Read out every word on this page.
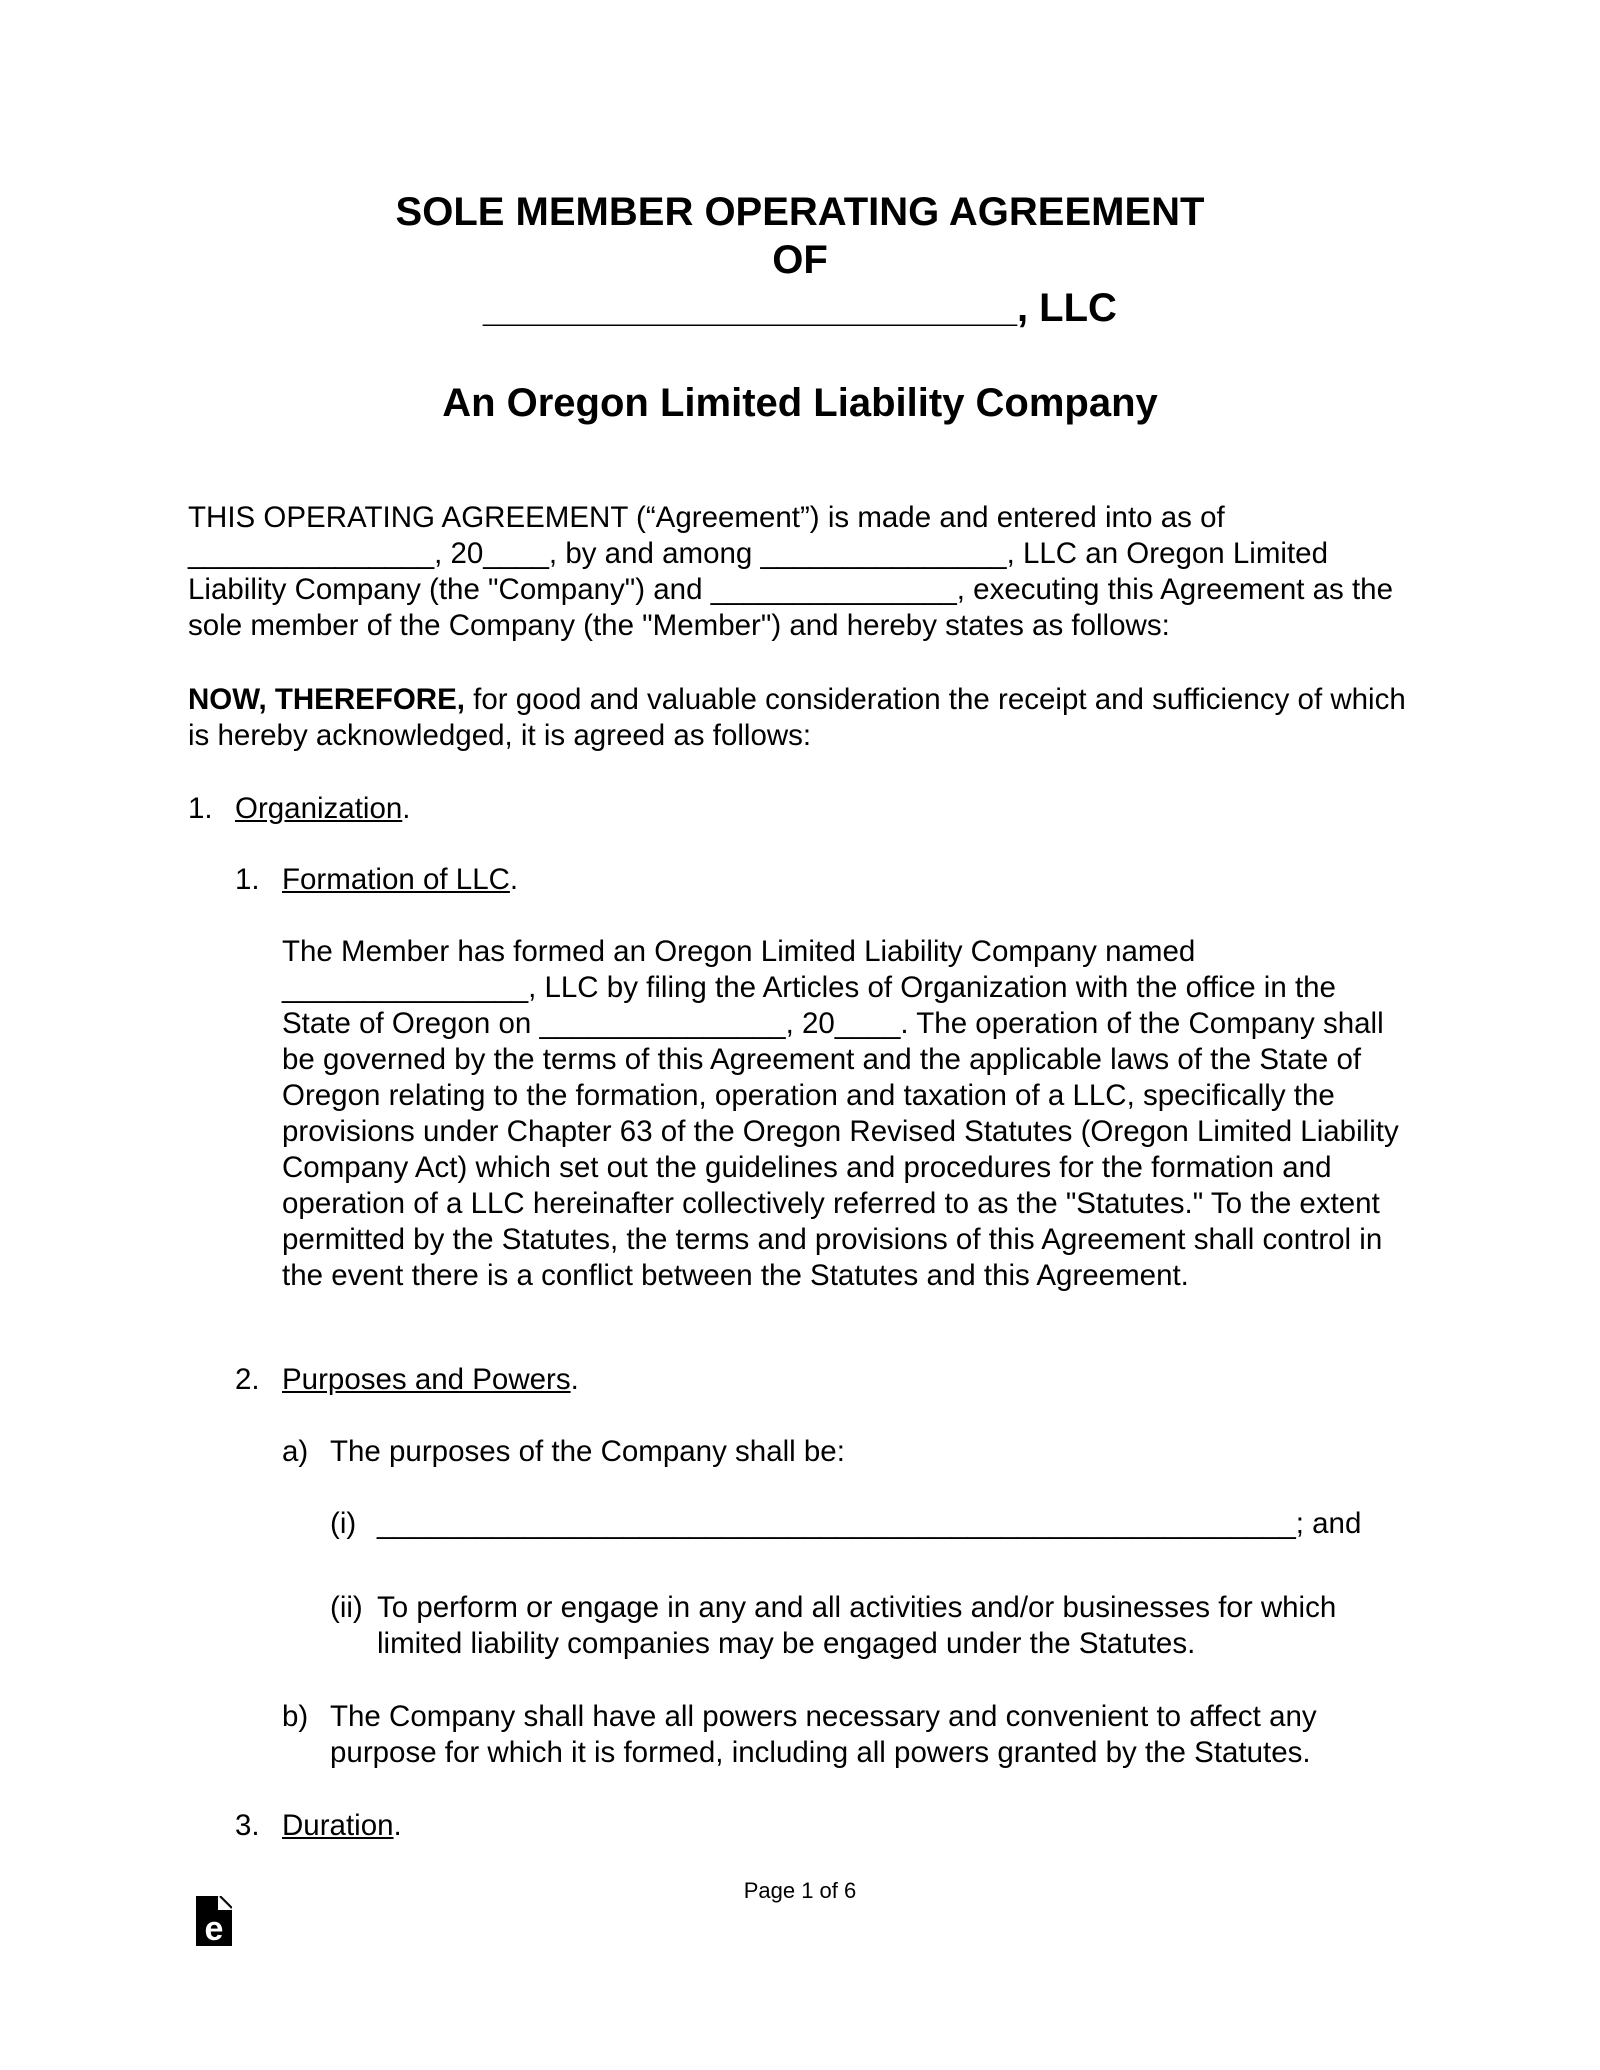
SOLE MEMBER OPERATING AGREEMENT
OF
________________________, LLC
An Oregon Limited Liability Company

THIS OPERATING AGREEMENT (“Agreement”) is made and entered into as of _______________, 20____, by and among _______________, LLC an Oregon Limited Liability Company (the "Company") and _______________, executing this Agreement as the sole member of the Company (the "Member") and hereby states as follows:

NOW, THEREFORE, for good and valuable consideration the receipt and sufficiency of which is hereby acknowledged, it is agreed as follows:

1. Organization.
1. Formation of LLC.

The Member has formed an Oregon Limited Liability Company named _______________, LLC by filing the Articles of Organization with the office in the State of Oregon on _______________, 20____. The operation of the Company shall be governed by the terms of this Agreement and the applicable laws of the State of Oregon relating to the formation, operation and taxation of a LLC, specifically the provisions under Chapter 63 of the Oregon Revised Statutes (Oregon Limited Liability Company Act) which set out the guidelines and procedures for the formation and operation of a LLC hereinafter collectively referred to as the "Statutes." To the extent permitted by the Statutes, the terms and provisions of this Agreement shall control in the event there is a conflict between the Statutes and this Agreement.

2. Purposes and Powers.
a) The purposes of the Company shall be:
(i) ________________________________________________________; and
(ii) To perform or engage in any and all activities and/or businesses for which limited liability companies may be engaged under the Statutes.

b) The Company shall have all powers necessary and convenient to affect any purpose for which it is formed, including all powers granted by the Statutes.

3. Duration.
Page 1 of 6
e
